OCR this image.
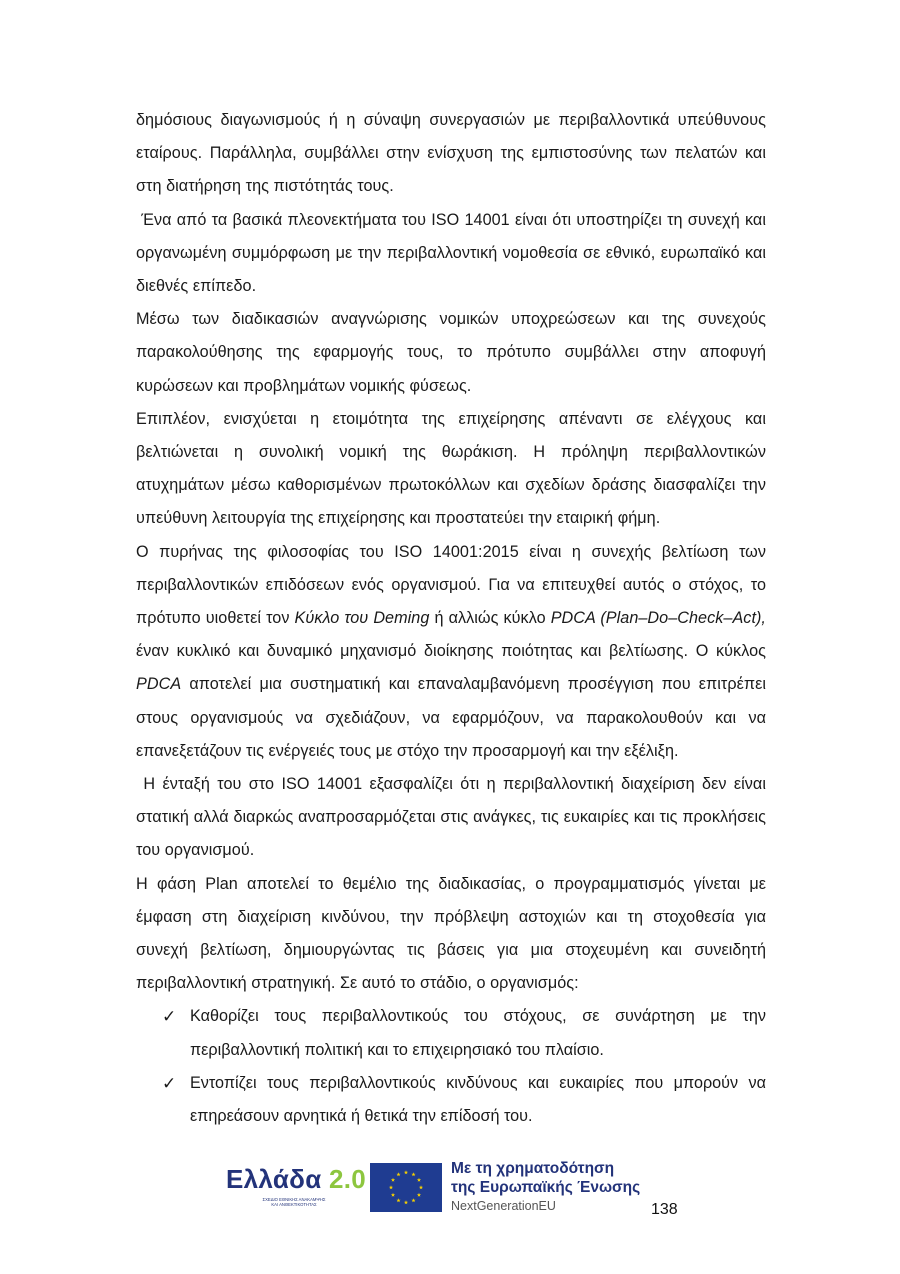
δημόσιους διαγωνισμούς ή η σύναψη συνεργασιών με περιβαλλοντικά υπεύθυνους εταίρους. Παράλληλα, συμβάλλει στην ενίσχυση της εμπιστοσύνης των πελατών και στη διατήρηση της πιστότητάς τους.

Ένα από τα βασικά πλεονεκτήματα του ISO 14001 είναι ότι υποστηρίζει τη συνεχή και οργανωμένη συμμόρφωση με την περιβαλλοντική νομοθεσία σε εθνικό, ευρωπαϊκό και διεθνές επίπεδο.

Μέσω των διαδικασιών αναγνώρισης νομικών υποχρεώσεων και της συνεχούς παρακολούθησης της εφαρμογής τους, το πρότυπο συμβάλλει στην αποφυγή κυρώσεων και προβλημάτων νομικής φύσεως.

Επιπλέον, ενισχύεται η ετοιμότητα της επιχείρησης απέναντι σε ελέγχους και βελτιώνεται η συνολική νομική της θωράκιση. Η πρόληψη περιβαλλοντικών ατυχημάτων μέσω καθορισμένων πρωτοκόλλων και σχεδίων δράσης διασφαλίζει την υπεύθυνη λειτουργία της επιχείρησης και προστατεύει την εταιρική φήμη.

Ο πυρήνας της φιλοσοφίας του ISO 14001:2015 είναι η συνεχής βελτίωση των περιβαλλοντικών επιδόσεων ενός οργανισμού. Για να επιτευχθεί αυτός ο στόχος, το πρότυπο υιοθετεί τον Κύκλο του Deming ή αλλιώς κύκλο PDCA (Plan–Do–Check–Act), έναν κυκλικό και δυναμικό μηχανισμό διοίκησης ποιότητας και βελτίωσης. Ο κύκλος PDCA αποτελεί μια συστηματική και επαναλαμβανόμενη προσέγγιση που επιτρέπει στους οργανισμούς να σχεδιάζουν, να εφαρμόζουν, να παρακολουθούν και να επανεξετάζουν τις ενέργειές τους με στόχο την προσαρμογή και την εξέλιξη.

Η ένταξή του στο ISO 14001 εξασφαλίζει ότι η περιβαλλοντική διαχείριση δεν είναι στατική αλλά διαρκώς αναπροσαρμόζεται στις ανάγκες, τις ευκαιρίες και τις προκλήσεις του οργανισμού.

Η φάση Plan αποτελεί το θεμέλιο της διαδικασίας, ο προγραμματισμός γίνεται με έμφαση στη διαχείριση κινδύνου, την πρόβλεψη αστοχιών και τη στοχοθεσία για συνεχή βελτίωση, δημιουργώντας τις βάσεις για μια στοχευμένη και συνειδητή περιβαλλοντική στρατηγική. Σε αυτό το στάδιο, ο οργανισμός:

✓ Καθορίζει τους περιβαλλοντικούς του στόχους, σε συνάρτηση με την περιβαλλοντική πολιτική και το επιχειρησιακό του πλαίσιο.
✓ Εντοπίζει τους περιβαλλοντικούς κινδύνους και ευκαιρίες που μπορούν να επηρεάσουν αρνητικά ή θετικά την επίδοσή του.
Ελλάδα 2.0
ΣΧΕΔΙΟ ΕΘΝΙΚΗΣ ΑΝΑΚΑΜΨΗΣ
ΚΑΙ ΑΝΘΕΚΤΙΚΟΤΗΤΑΣ
Με τη χρηματοδότηση
της Ευρωπαϊκής Ένωσης
NextGenerationEU	138
